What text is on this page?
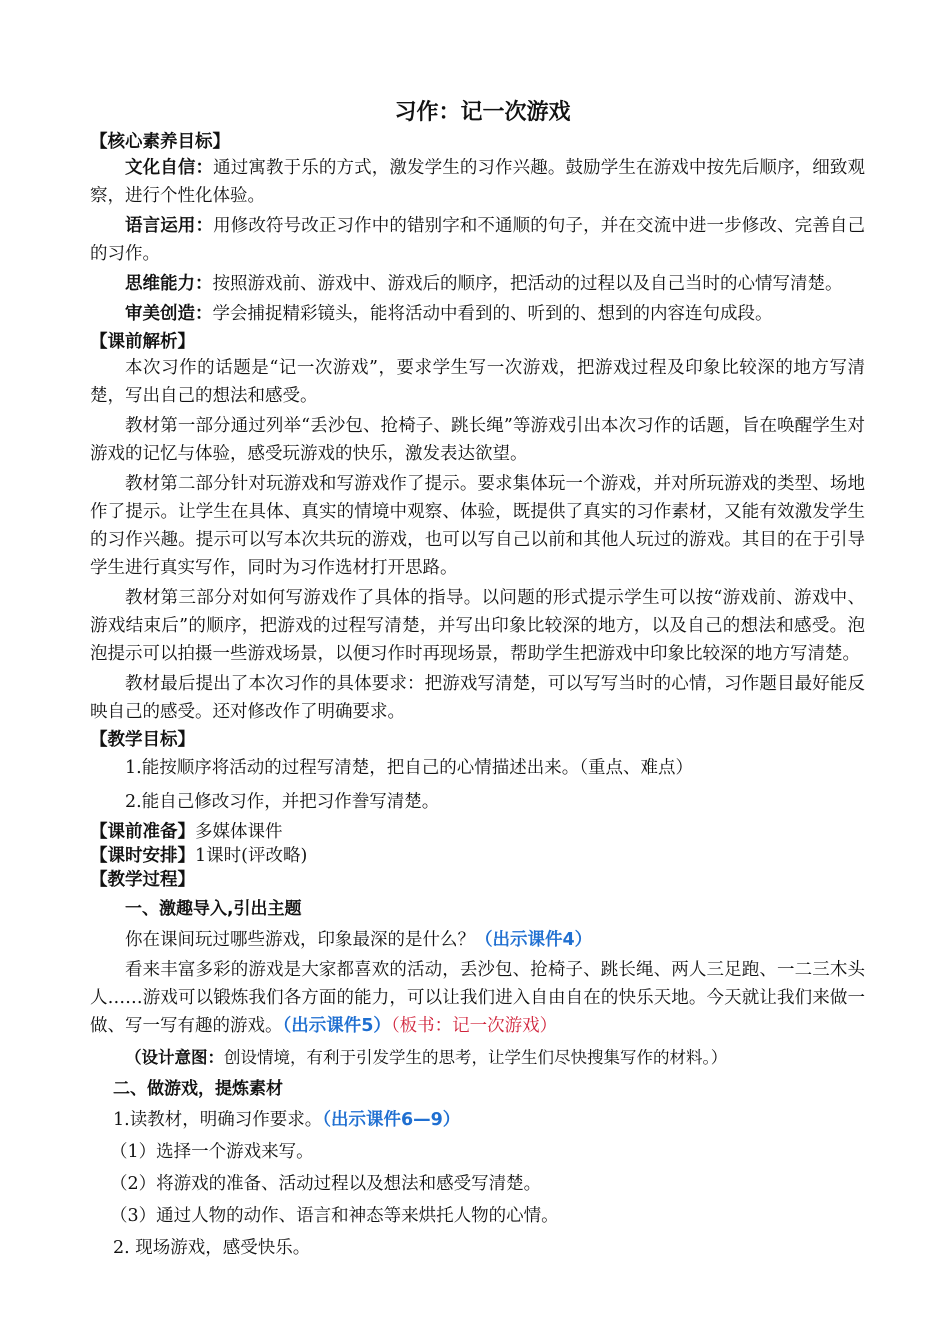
习作：记一次游戏
【核心素养目标】

文化自信：通过寓教于乐的方式，激发学生的习作兴趣。鼓励学生在游戏中按先后顺序，细致观察，进行个性化体验。

语言运用：用修改符号改正习作中的错别字和不通顺的句子，并在交流中进一步修改、完善自己的习作。

思维能力：按照游戏前、游戏中、游戏后的顺序，把活动的过程以及自己当时的心情写清楚。

审美创造：学会捕捉精彩镜头，能将活动中看到的、听到的、想到的内容连句成段。

【课前解析】

本次习作的话题是“记一次游戏”，要求学生写一次游戏，把游戏过程及印象比较深的地方写清楚，写出自己的想法和感受。

教材第一部分通过列举“丢沙包、抢椅子、跳长绳”等游戏引出本次习作的话题，旨在唤醒学生对游戏的记忆与体验，感受玩游戏的快乐，激发表达欲望。

教材第二部分针对玩游戏和写游戏作了提示。要求集体玩一个游戏，并对所玩游戏的类型、场地作了提示。让学生在具体、真实的情境中观察、体验，既提供了真实的习作素材，又能有效激发学生的习作兴趣。提示可以写本次共玩的游戏，也可以写自己以前和其他人玩过的游戏。其目的在于引导学生进行真实写作，同时为习作选材打开思路。

教材第三部分对如何写游戏作了具体的指导。以问题的形式提示学生可以按“游戏前、游戏中、游戏结束后”的顺序，把游戏的过程写清楚，并写出印象比较深的地方，以及自己的想法和感受。泡泡提示可以拍摄一些游戏场景，以便习作时再现场景，帮助学生把游戏中印象比较深的地方写清楚。

教材最后提出了本次习作的具体要求：把游戏写清楚，可以写写当时的心情，习作题目最好能反映自己的感受。还对修改作了明确要求。

【教学目标】

1.能按顺序将活动的过程写清楚，把自己的心情描述出来。（重点、难点）

2.能自己修改习作，并把习作誊写清楚。

【课前准备】多媒体课件
【课时安排】1课时(评改略)
【教学过程】
一、激趣导入,引出主题

你在课间玩过哪些游戏，印象最深的是什么？（出示课件4）

看来丰富多彩的游戏是大家都喜欢的活动，丢沙包、抢椅子、跳长绳、两人三足跑、一二三木头人……游戏可以锻炼我们各方面的能力，可以让我们进入自由自在的快乐天地。今天就让我们来做一做、写一写有趣的游戏。（出示课件5）（板书：记一次游戏）

（设计意图：创设情境，有利于引发学生的思考，让学生们尽快搜集写作的材料。）
二、做游戏，提炼素材
1.读教材，明确习作要求。（出示课件6—9）
（1）选择一个游戏来写。
（2）将游戏的准备、活动过程以及想法和感受写清楚。
（3）通过人物的动作、语言和神态等来烘托人物的心情。
2. 现场游戏，感受快乐。
